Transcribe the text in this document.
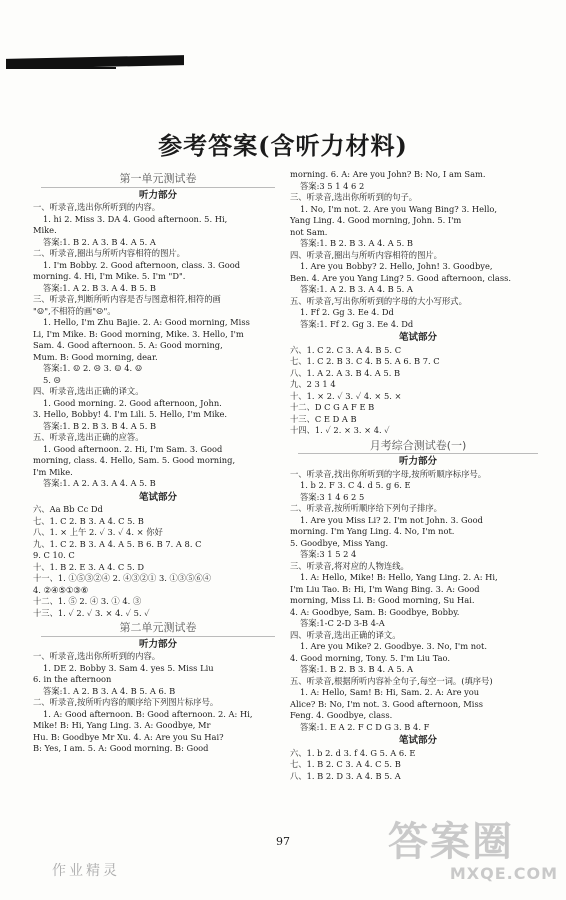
参考答案(含听力材料)
第一单元测试卷
听力部分
一、听录音,选出你所听到的内容。
1. hi 2. Miss 3. DA 4. Good afternoon. 5. Hi,
Mike.
答案:1. B 2. A 3. B 4. A 5. A
二、听录音,圈出与所听内容相符的图片。
1. I'm Bobby. 2. Good afternoon, class. 3. Good
morning. 4. Hi, I'm Mike. 5. I'm "D".
答案:1. A 2. B 3. A 4. B 5. B
三、听录音,判断所听内容是否与图意相符,相符的画
"☺",不相符的画"☹"。
1. Hello, I'm Zhu Bajie. 2. A: Good morning, Miss
Li, I'm Mike. B: Good morning, Mike. 3. Hello, I'm
Sam. 4. Good afternoon. 5. A: Good morning,
Mum. B: Good morning, dear.
答案:1. ☺ 2. ☹ 3. ☺ 4. ☺
5. ☹
四、听录音,选出正确的译文。
1. Good morning. 2. Good afternoon, John.
3. Hello, Bobby! 4. I'm Lili. 5. Hello, I'm Mike.
答案:1. B 2. B 3. B 4. A 5. B
五、听录音,选出正确的应答。
1. Good afternoon. 2. Hi, I'm Sam. 3. Good
morning, class. 4. Hello, Sam. 5. Good morning,
I'm Mike.
答案:1. A 2. A 3. A 4. A 5. B
笔试部分
六、Aa Bb Cc Dd
七、1. C 2. B 3. A 4. C 5. B
八、1. × 上午 2. ✓ 3. ✓ 4. × 你好
九、1. C 2. B 3. A 4. A 5. B 6. B 7. A 8. C
9. C 10. C
十、1. B 2. E 3. A 4. C 5. D
十一、1. ①⑤③②④ 2. ④③②① 3. ①③⑤⑥④
4. ②④⑤①③⑥
十二、1. ⑤ 2. ④ 3. ① 4. ③
十三、1. ✓ 2. ✓ 3. × 4. ✓ 5. ✓
第二单元测试卷
听力部分
一、听录音,选出你所听到的内容。
1. DE 2. Bobby 3. Sam 4. yes 5. Miss Liu
6. in the afternoon
答案:1. A 2. B 3. A 4. B 5. A 6. B
二、听录音,按所听内容的顺序给下列图片标序号。
1. A: Good afternoon. B: Good afternoon. 2. A: Hi,
Mike! B: Hi, Yang Ling. 3. A: Goodbye, Mr
Hu. B: Goodbye Mr Xu. 4. A: Are you Su Hai?
B: Yes, I am. 5. A: Good morning. B: Good
morning. 6. A: Are you John? B: No, I am Sam.
答案:3 5 1 4 6 2
三、听录音,选出你所听到的句子。
1. No, I'm not. 2. Are you Wang Bing? 3. Hello,
Yang Ling. 4. Good morning, John. 5. I'm
not Sam.
答案:1. B 2. B 3. A 4. A 5. B
四、听录音,圈出与所听内容相符的图片。
1. Are you Bobby? 2. Hello, John! 3. Goodbye,
Ben. 4. Are you Yang Ling? 5. Good afternoon, class.
答案:1. A 2. B 3. A 4. B 5. A
五、听录音,写出你所听到的字母的大小写形式。
1. Ff 2. Gg 3. Ee 4. Dd
答案:1. Ff 2. Gg 3. Ee 4. Dd
笔试部分
六、1. C 2. C 3. A 4. B 5. C
七、1. C 2. B 3. C 4. B 5. A 6. B 7. C
八、1. A 2. A 3. B 4. A 5. B
九、2 3 1 4
十、1. × 2. ✓ 3. ✓ 4. × 5. ×
十二、D C G A F E B
十三、C E D A B
十四、1. ✓ 2. × 3. × 4. ✓
月考综合测试卷(一)
听力部分
一、听录音,找出你所听到的字母,按所听顺序标序号。
1. b 2. F 3. C 4. d 5. g 6. E
答案:3 1 4 6 2 5
二、听录音,按所听顺序给下列句子排序。
1. Are you Miss Li? 2. I'm not John. 3. Good
morning. I'm Yang Ling. 4. No, I'm not.
5. Goodbye, Miss Yang.
答案:3 1 5 2 4
三、听录音,将对应的人物连线。
1. A: Hello, Mike! B: Hello, Yang Ling. 2. A: Hi,
I'm Liu Tao. B: Hi, I'm Wang Bing. 3. A: Good
morning, Miss Li. B: Good morning, Su Hai.
4. A: Goodbye, Sam. B: Goodbye, Bobby.
答案:1-C 2-D 3-B 4-A
四、听录音,选出正确的译文。
1. Are you Mike? 2. Goodbye. 3. No, I'm not.
4. Good morning, Tony. 5. I'm Liu Tao.
答案:1. B 2. B 3. B 4. A 5. A
五、听录音,根据所听内容补全句子,每空一词。(填序号)
1. A: Hello, Sam! B: Hi, Sam. 2. A: Are you
Alice? B: No, I'm not. 3. Good afternoon, Miss
Feng. 4. Goodbye, class.
答案:1. E A 2. F C D G 3. B 4. F
笔试部分
六、1. b 2. d 3. f 4. G 5. A 6. E
七、1. B 2. C 3. A 4. C 5. B
八、1. B 2. D 3. A 4. B 5. A
97
作业精灵
答案圈
MXQE.COM
